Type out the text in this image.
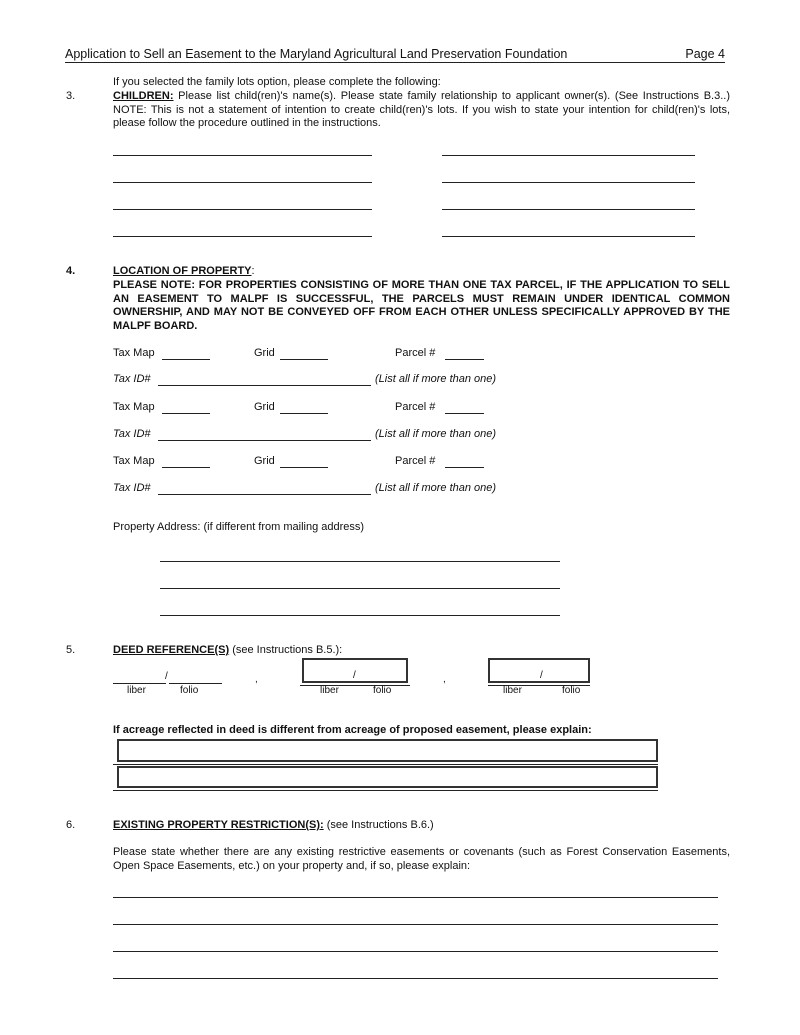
Application to Sell an Easement to the Maryland Agricultural Land Preservation Foundation	Page 4
If you selected the family lots option, please complete the following:
3.	CHILDREN: Please list child(ren)'s name(s). Please state family relationship to applicant owner(s). (See Instructions B.3..) NOTE: This is not a statement of intention to create child(ren)'s lots. If you wish to state your intention for child(ren)'s lots, please follow the procedure outlined in the instructions.
4.	LOCATION OF PROPERTY:
PLEASE NOTE: FOR PROPERTIES CONSISTING OF MORE THAN ONE TAX PARCEL, IF THE APPLICATION TO SELL AN EASEMENT TO MALPF IS SUCCESSFUL, THE PARCELS MUST REMAIN UNDER IDENTICAL COMMON OWNERSHIP, AND MAY NOT BE CONVEYED OFF FROM EACH OTHER UNLESS SPECIFICALLY APPROVED BY THE MALPF BOARD.
Tax Map	Grid	Parcel #
Tax ID#	(List all if more than one)
Tax Map	Grid	Parcel #
Tax ID#	(List all if more than one)
Tax Map	Grid	Parcel #
Tax ID#	(List all if more than one)
Property Address: (if different from mailing address)
5.	DEED REFERENCE(S) (see Instructions B.5.):
/
liber	folio
,	/
liber	folio
,	/
liber	folio
If acreage reflected in deed is different from acreage of proposed easement, please explain:
6.	EXISTING PROPERTY RESTRICTION(S): (see Instructions B.6.)
Please state whether there are any existing restrictive easements or covenants (such as Forest Conservation Easements, Open Space Easements, etc.) on your property and, if so, please explain:
